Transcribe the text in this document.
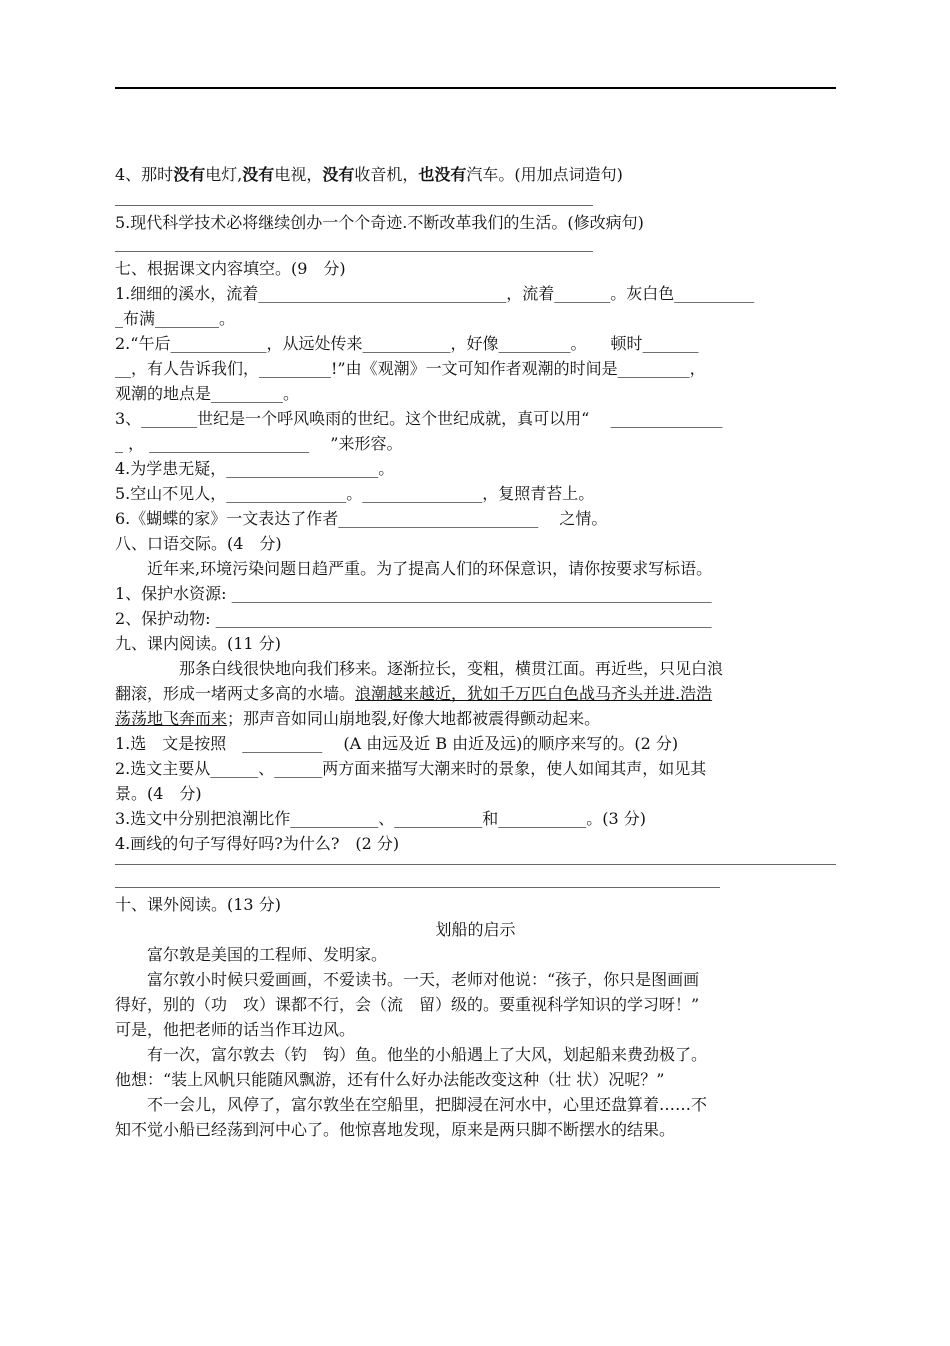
4、那时没有电灯,没有电视，没有收音机，也没有汽车。(用加点词造句)
5.现代科学技术必将继续创办一个个奇迹.不断改革我们的生活。(修改病句)
七、根据课文内容填空。(9　分)
1.细细的溪水，流着_______________________________，流着_______。灰白色__________
_布满________。
2.“午后____________，从远处传来___________，好像_________。　　顿时_______
__，有人告诉我们，_________!”由《观潮》一文可知作者观潮的时间是_________，
观潮的地点是_________。
3、_______世纪是一个呼风唤雨的世纪。这个世纪成就，真可以用“　 ______________
_ ， ____________________ 　”来形容。
4.为学患无疑，___________________。
5.空山不见人，_______________。_______________，复照青苔上。
6.《蝴蝶的家》一文表达了作者_________________________ 　之情。
八、口语交际。(4　分)
近年来,环境污染问题日趋严重。为了提高人们的环保意识，请你按要求写标语。
1、保护水资源: ____________________________________________________________
2、保护动物: ______________________________________________________________
九、课内阅读。(11 分)
那条白线很快地向我们移来。逐渐拉长，变粗，横贯江面。再近些，只见白浪
翻滚，形成一堵两丈多高的水墙。浪潮越来越近，犹如千万匹白色战马齐头并进.浩浩
荡荡地飞奔而来；那声音如同山崩地裂,好像大地都被震得颤动起来。
1.选　文是按照　__________ 　(A 由远及近 B 由近及远)的顺序来写的。(2 分)
2.选文主要从______、______两方面来描写大潮来时的景象，使人如闻其声，如见其
景。(4　分)
3.选文中分别把浪潮比作___________、___________和___________。(3 分)
4.画线的句子写得好吗?为什么?　(2 分)
十、课外阅读。(13 分)
划船的启示
富尔敦是美国的工程师、发明家。
富尔敦小时候只爱画画，不爱读书。一天，老师对他说：“孩子，你只是图画画
得好，别的（功　攻）课都不行，会（流　留）级的。要重视科学知识的学习呀！”
可是，他把老师的话当作耳边风。
有一次，富尔敦去（钓　钩）鱼。他坐的小船遇上了大风，划起船来费劲极了。
他想：“装上风帆只能随风飘游，还有什么好办法能改变这种（壮 状）况呢？”
不一会儿，风停了，富尔敦坐在空船里，把脚浸在河水中，心里还盘算着……不
知不觉小船已经荡到河中心了。他惊喜地发现，原来是两只脚不断摆水的结果。
